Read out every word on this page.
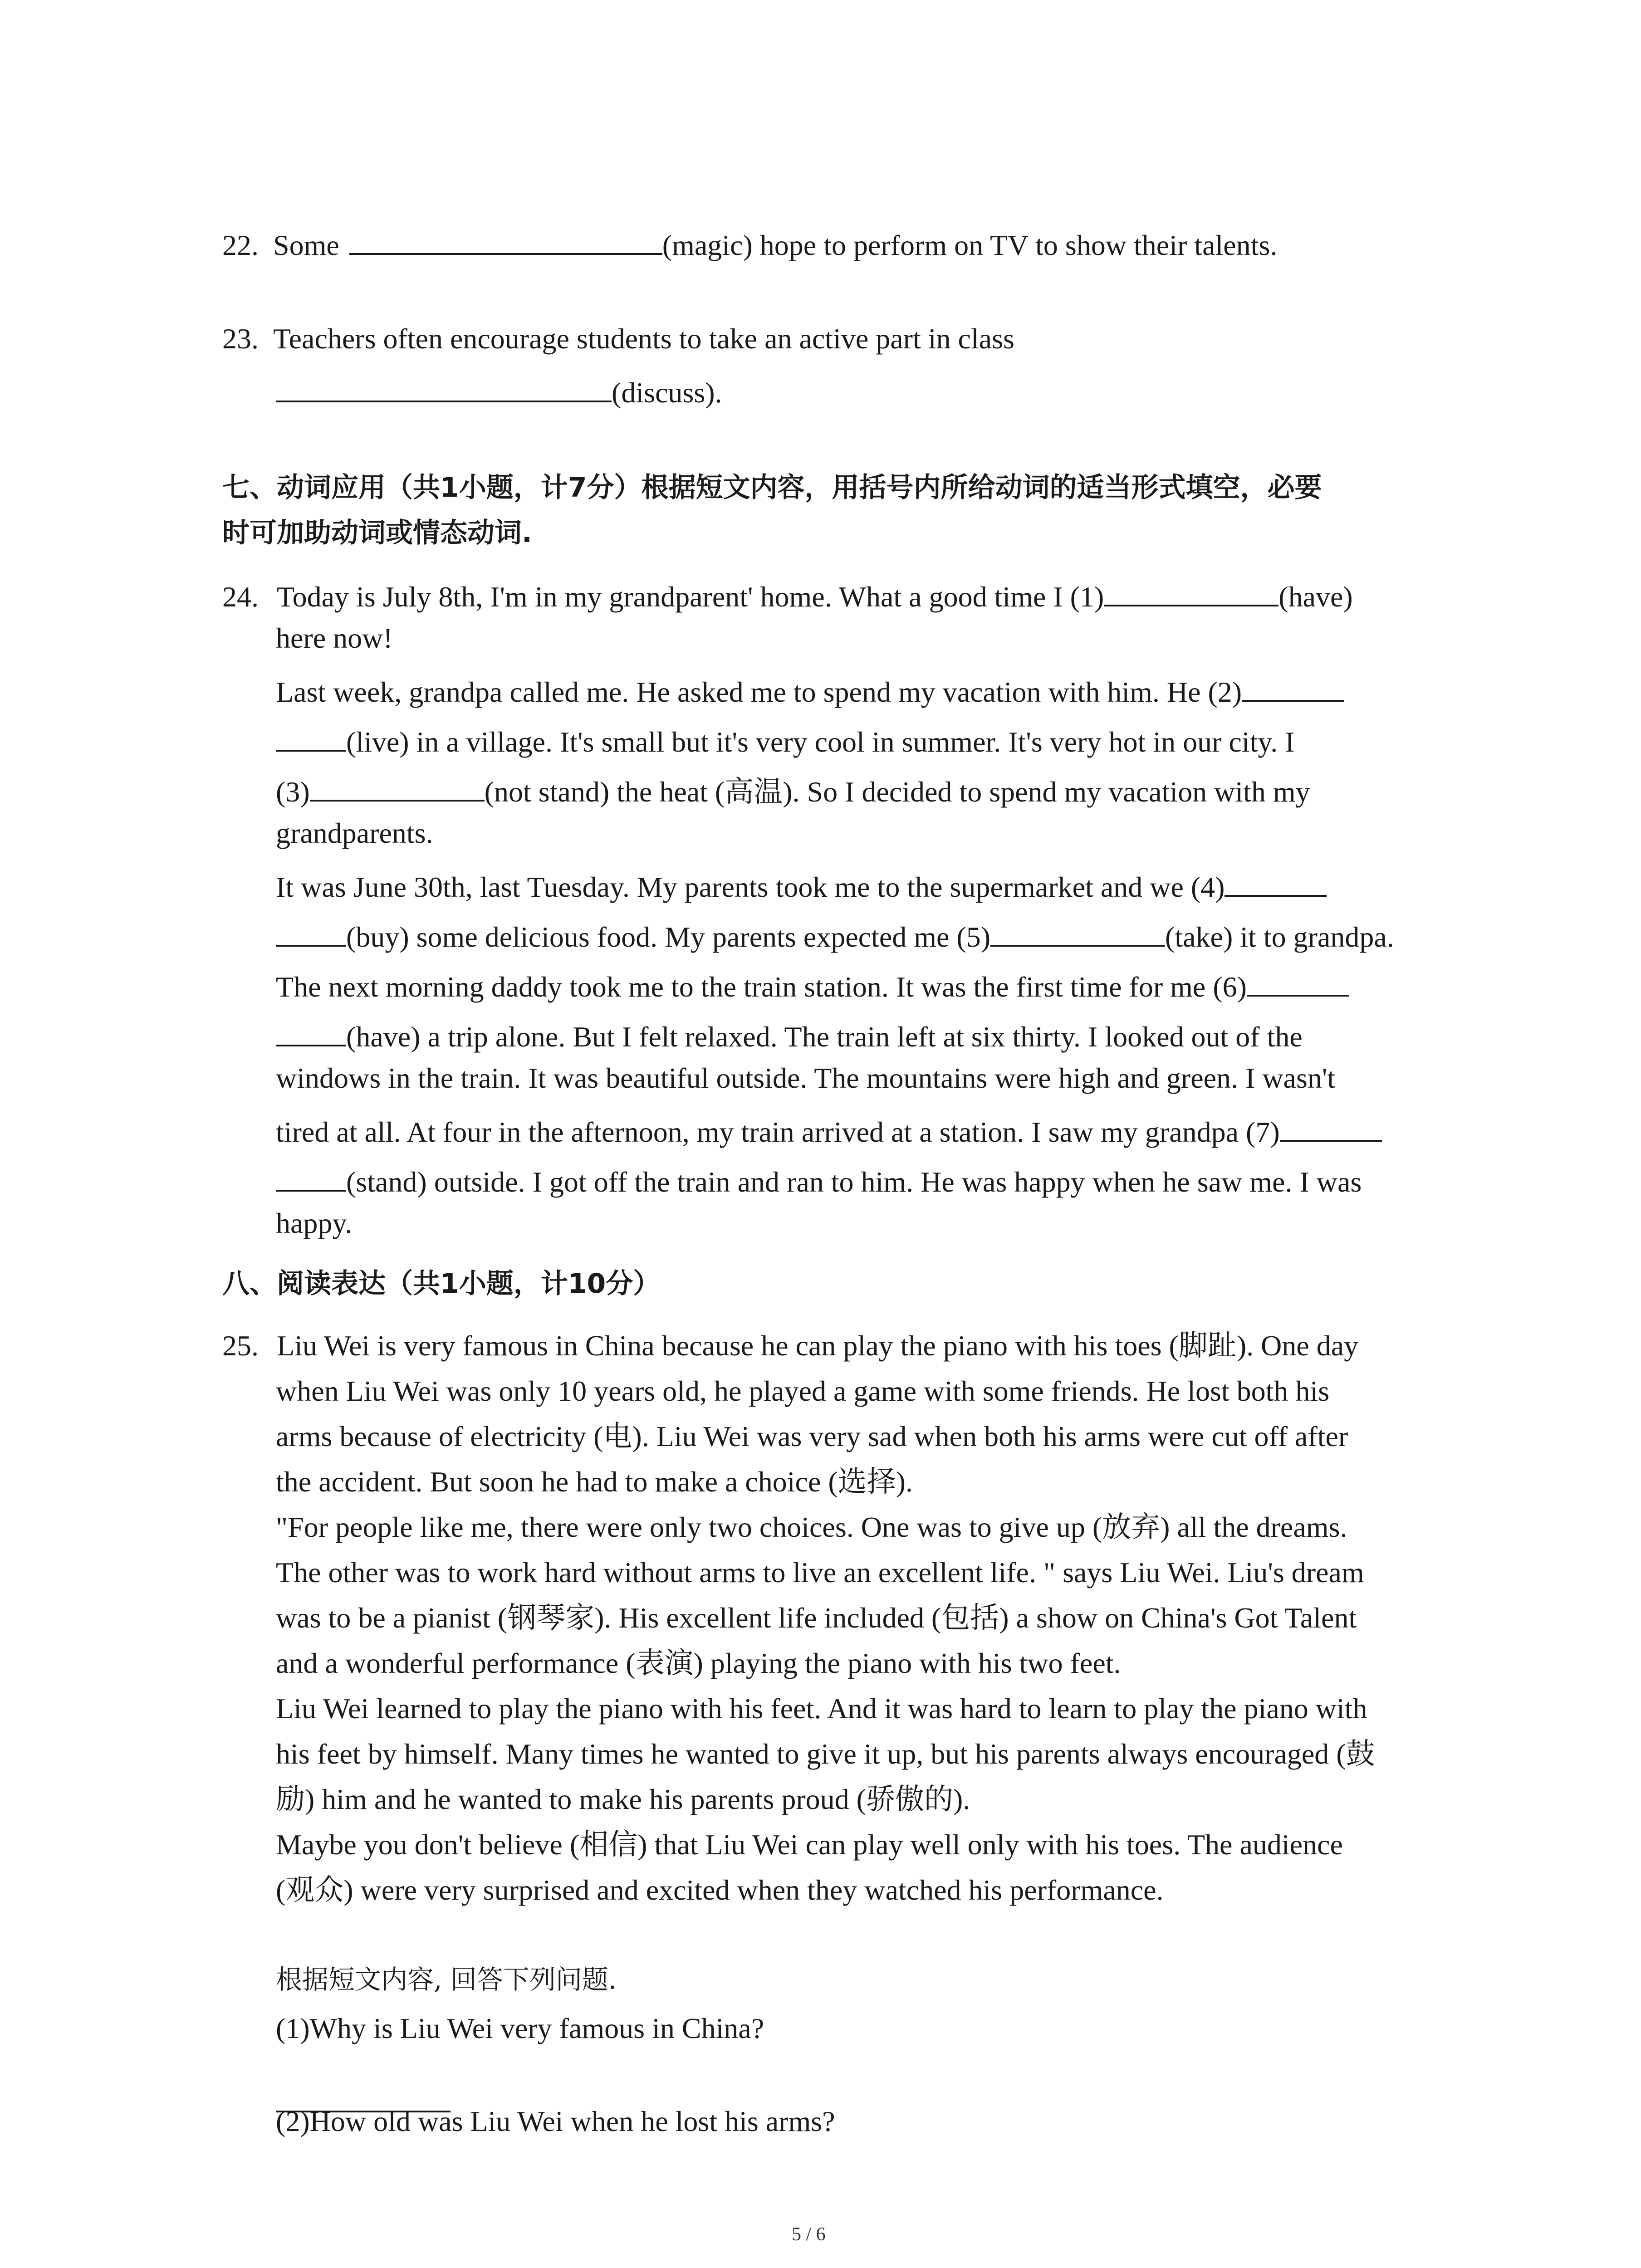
22. Some	(magic) hope to perform on TV to show their talents.
23. Teachers often encourage students to take an active part in class
(discuss).
七、动词应用（共1小题，计7分）根据短文内容，用括号内所给动词的适当形式填空，必要
时可加助动词或情态动词.
24. Today is July 8th, I'm in my grandparent' home. What a good time I (1)	(have)
here now!
Last week, grandpa called me. He asked me to spend my vacation with him. He (2)
(live) in a village. It's small but it's very cool in summer. It's very hot in our city. I
(3)	(not stand) the heat (高温). So I decided to spend my vacation with my
grandparents.
It was June 30th, last Tuesday. My parents took me to the supermarket and we (4)
(buy) some delicious food. My parents expected me (5)	(take) it to grandpa.
The next morning daddy took me to the train station. It was the first time for me (6)
(have) a trip alone. But I felt relaxed. The train left at six thirty. I looked out of the
windows in the train. It was beautiful outside. The mountains were high and green. I wasn't
tired at all. At four in the afternoon, my train arrived at a station. I saw my grandpa (7)
(stand) outside. I got off the train and ran to him. He was happy when he saw me. I was
happy.
八、阅读表达（共1小题，计10分）
25. Liu Wei is very famous in China because he can play the piano with his toes (脚趾). One day
when Liu Wei was only 10 years old, he played a game with some friends. He lost both his
arms because of electricity (电). Liu Wei was very sad when both his arms were cut off after
the accident. But soon he had to make a choice (选择).
"For people like me, there were only two choices. One was to give up (放弃) all the dreams.
The other was to work hard without arms to live an excellent life. " says Liu Wei. Liu's dream
was to be a pianist (钢琴家). His excellent life included (包括) a show on China's Got Talent
and a wonderful performance (表演) playing the piano with his two feet.
Liu Wei learned to play the piano with his feet. And it was hard to learn to play the piano with
his feet by himself. Many times he wanted to give it up, but his parents always encouraged (鼓
励) him and he wanted to make his parents proud (骄傲的).
Maybe you don't believe (相信) that Liu Wei can play well only with his toes. The audience
(观众) were very surprised and excited when they watched his performance.
根据短文内容, 回答下列问题.
(1)Why is Liu Wei very famous in China?
(2)How old was Liu Wei when he lost his arms?
5 / 6
